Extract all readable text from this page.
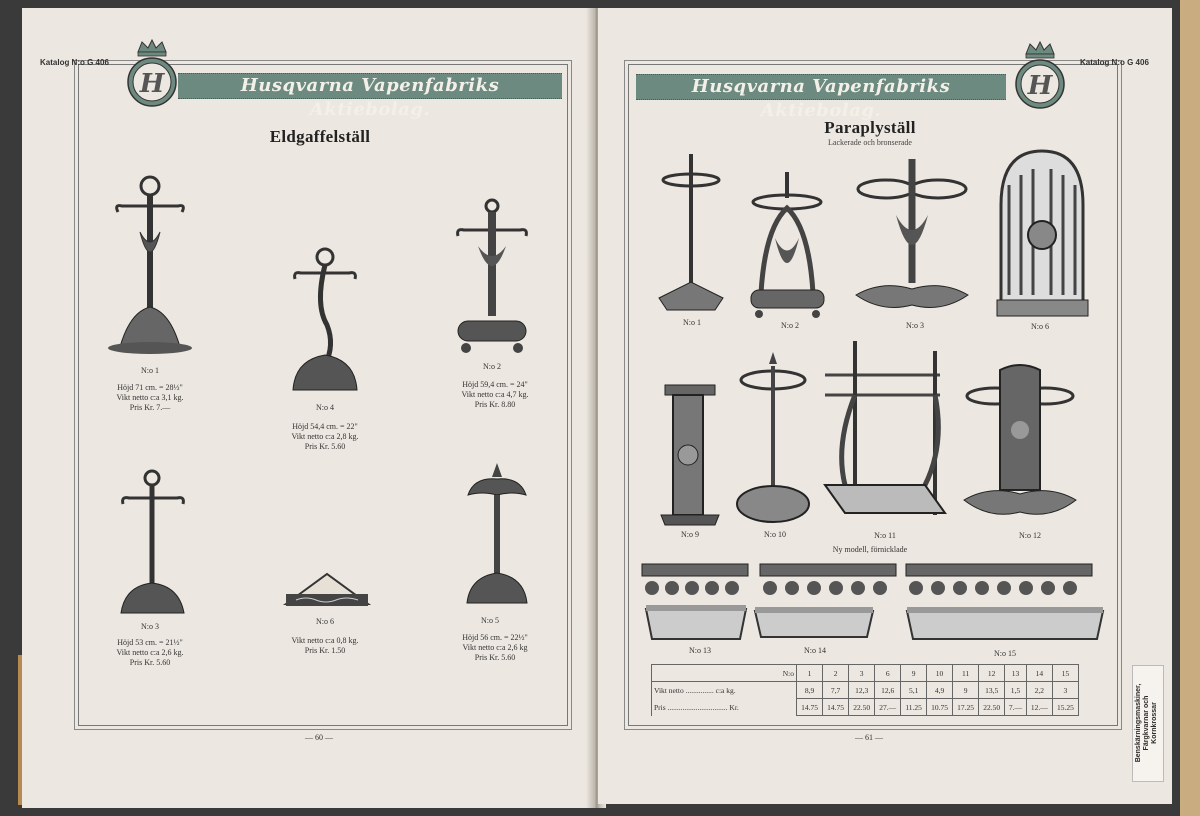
Katalog N:o G 406
Husqvarna Vapenfabriks Aktiebolag.
H
Eldgaffelställ
N:o 1
Höjd 71 cm. = 28½"
Vikt netto c:a 3,1 kg.
Pris Kr. 7.—	N:o 4
Höjd 54,4 cm. = 22"
Vikt netto c:a 2,8 kg.
Pris Kr. 5.60
N:o 2
Höjd 59,4 cm. = 24"
Vikt netto c:a 4,7 kg.
Pris Kr. 8.80
N:o 3
Höjd 53 cm. = 21½"
Vikt netto c:a 2,6 kg.
Pris Kr. 5.60
N:o 6
Vikt netto c:a 0,8 kg.
Pris Kr. 1.50
N:o 5
Höjd 56 cm. = 22½"
Vikt netto c:a 2,6 kg
Pris Kr. 5.60
— 60 —
Katalog N:o G 406
Husqvarna Vapenfabriks Aktiebolag.
H
Paraplyställ
Lackerade och bronserade
N:o 1	N:o 2	N:o 3	N:o 6
N:o 9	N:o 10	N:o 11	N:o 12
Ny modell, förnicklade
N:o 13	N:o 14	N:o 15
N:o	1	2	3	6	9	10	11	12	13	14	15
Vikt netto ............... c:a kg.	8,9	7,7	12,3	12,6	5,1	4,9	9	13,5	1,5	2,2	3
Pris ................................ Kr.	14.75	14.75	22.50	27.—	11.25	10.75	17.25	22.50	7.—	12.—	15.25
— 61 —	Benskärningsmaskiner, Färgkvarnar och Kornkrossar
